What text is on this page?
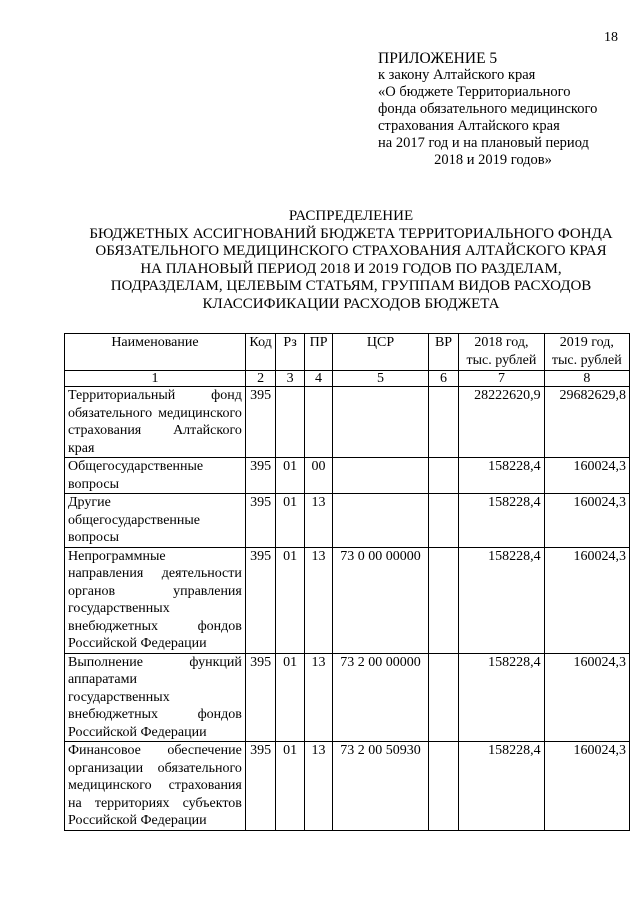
18
ПРИЛОЖЕНИЕ 5
к закону Алтайского края
«О бюджете Территориального
фонда обязательного медицинского
страхования Алтайского края
на 2017 год и на плановый период
2018 и 2019 годов»
РАСПРЕДЕЛЕНИЕ
БЮДЖЕТНЫХ АССИГНОВАНИЙ БЮДЖЕТА ТЕРРИТОРИАЛЬНОГО ФОНДА
ОБЯЗАТЕЛЬНОГО МЕДИЦИНСКОГО СТРАХОВАНИЯ АЛТАЙСКОГО КРАЯ
НА ПЛАНОВЫЙ ПЕРИОД 2018 И 2019 ГОДОВ ПО РАЗДЕЛАМ,
ПОДРАЗДЕЛАМ, ЦЕЛЕВЫМ СТАТЬЯМ, ГРУППАМ ВИДОВ РАСХОДОВ
КЛАССИФИКАЦИИ РАСХОДОВ БЮДЖЕТА
Наименование	Код	Рз	ПР	ЦСР	ВР	2018 год, тыс. рублей	2019 год, тыс. рублей
1	2	3	4	5	6	7	8
Территориальный фонд обязательного медицинского страхования Алтайского края	395					28222620,9	29682629,8
Общегосударственные вопросы	395	01	00			158228,4	160024,3
Другие общегосударственные вопросы	395	01	13			158228,4	160024,3
Непрограммные направления деятельности органов управления государственных внебюджетных фондов Российской Федерации	395	01	13	73 0 00 00000		158228,4	160024,3
Выполнение функций аппаратами государственных внебюджетных фондов Российской Федерации	395	01	13	73 2 00 00000		158228,4	160024,3
Финансовое обеспечение организации обязательного медицинского страхования на территориях субъектов Российской Федерации	395	01	13	73 2 00 50930		158228,4	160024,3
